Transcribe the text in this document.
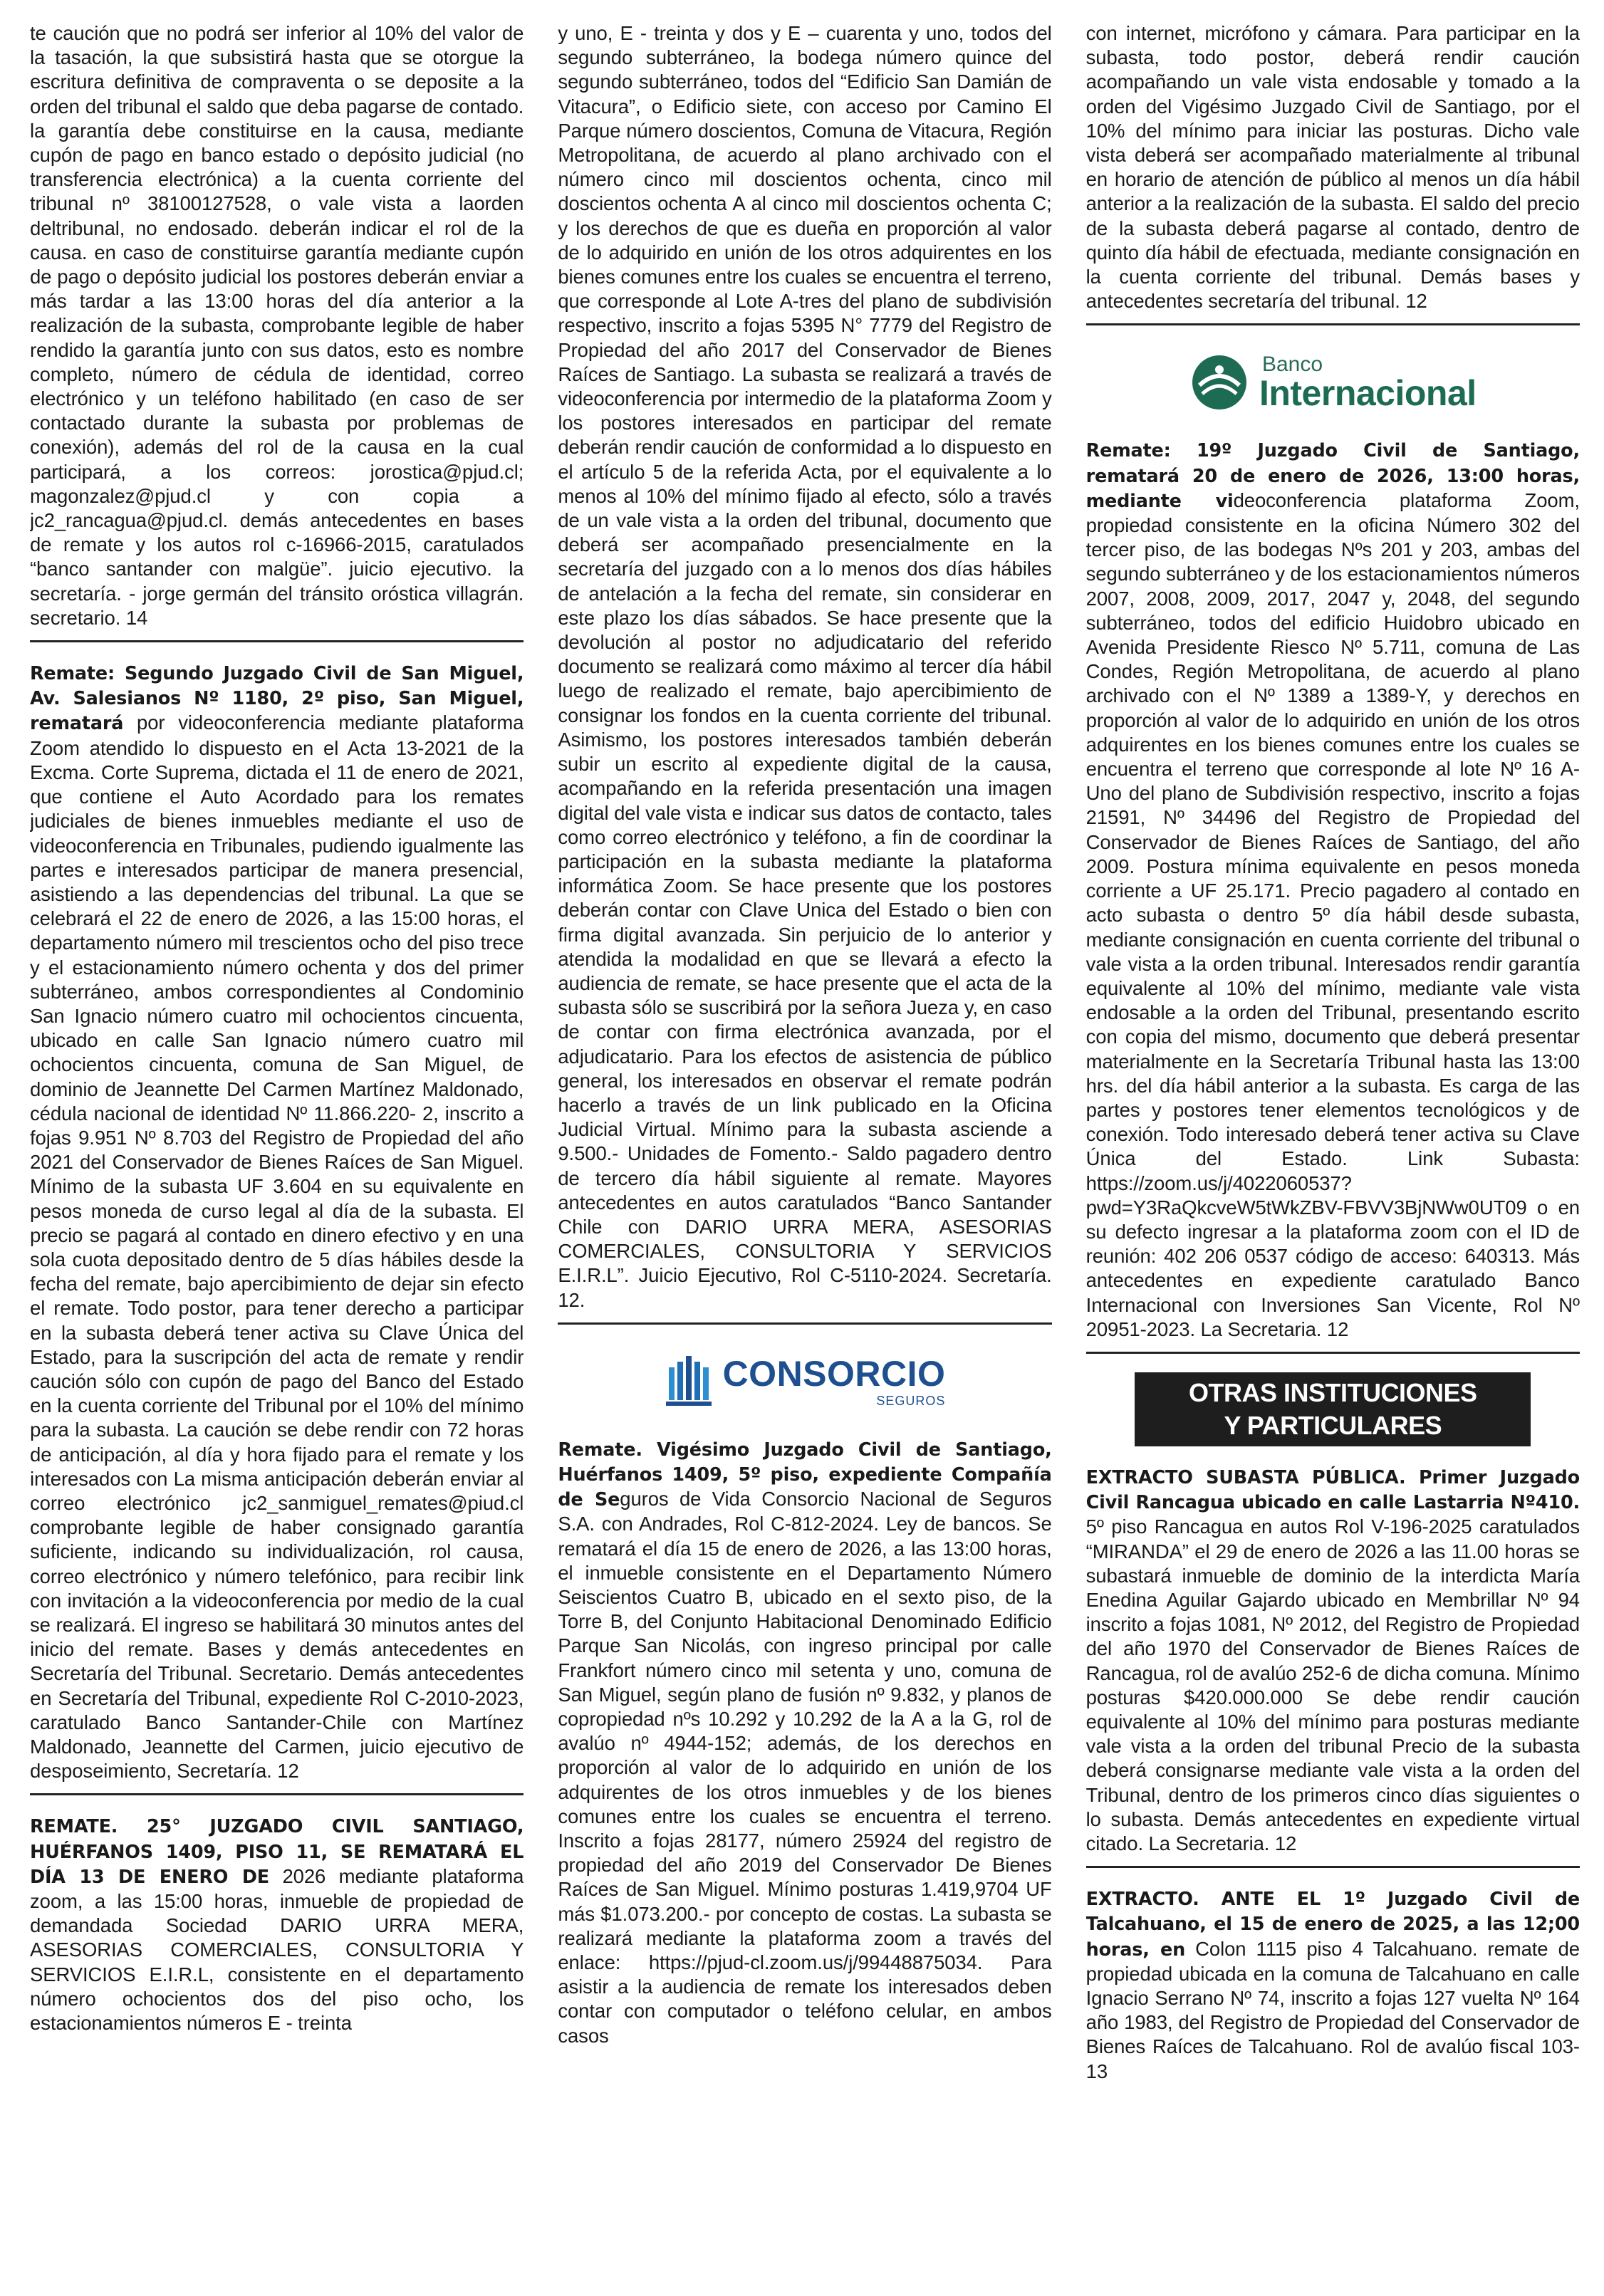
te caución que no podrá ser inferior al 10% del valor de la tasación, la que subsistirá hasta que se otorgue la escritura definitiva de compraventa o se deposite a la orden del tribunal el saldo que deba pagarse de contado. la garantía debe constituirse en la causa, mediante cupón de pago en banco estado o depósito judicial (no transferencia electrónica) a la cuenta corriente del tribunal nº 38100127528, o vale vista a laorden deltribunal, no endosado. deberán indicar el rol de la causa. en caso de constituirse garantía mediante cupón de pago o depósito judicial los postores deberán enviar a más tardar a las 13:00 horas del día anterior a la realización de la subasta, comprobante legible de haber rendido la garantía junto con sus datos, esto es nombre completo, número de cédula de identidad, correo electrónico y un teléfono habilitado (en caso de ser contactado durante la subasta por problemas de conexión), además del rol de la causa en la cual participará, a los correos: jorostica@pjud.cl; magonzalez@pjud.cl y con copia a jc2_rancagua@pjud.cl. demás antecedentes en bases de remate y los autos rol c-16966-2015, caratulados “banco santander con malgüe”. juicio ejecutivo. la secretaría. - jorge germán del tránsito oróstica villagrán. secretario. 14

Remate: Segundo Juzgado Civil de San Miguel, Av. Salesianos Nº 1180, 2º piso, San Miguel, rematará por videoconferencia mediante plataforma Zoom atendido lo dispuesto en el Acta 13-2021 de la Excma. Corte Suprema, dictada el 11 de enero de 2021, que contiene el Auto Acordado para los remates judiciales de bienes inmuebles mediante el uso de videoconferencia en Tribunales, pudiendo igualmente las partes e interesados participar de manera presencial, asistiendo a las dependencias del tribunal. La que se celebrará el 22 de enero de 2026, a las 15:00 horas, el departamento número mil trescientos ocho del piso trece y el estacionamiento número ochenta y dos del primer subterráneo, ambos correspondientes al Condominio San Ignacio número cuatro mil ochocientos cincuenta, ubicado en calle San Ignacio número cuatro mil ochocientos cincuenta, comuna de San Miguel, de dominio de Jeannette Del Carmen Martínez Maldonado, cédula nacional de identidad Nº 11.866.220- 2, inscrito a fojas 9.951 Nº 8.703 del Registro de Propiedad del año 2021 del Conservador de Bienes Raíces de San Miguel. Mínimo de la subasta UF 3.604 en su equivalente en pesos moneda de curso legal al día de la subasta. El precio se pagará al contado en dinero efectivo y en una sola cuota depositado dentro de 5 días hábiles desde la fecha del remate, bajo apercibimiento de dejar sin efecto el remate. Todo postor, para tener derecho a participar en la subasta deberá tener activa su Clave Única del Estado, para la suscripción del acta de remate y rendir caución sólo con cupón de pago del Banco del Estado en la cuenta corriente del Tribunal por el 10% del mínimo para la subasta. La caución se debe rendir con 72 horas de anticipación, al día y hora fijado para el remate y los interesados con La misma anticipación deberán enviar al correo electrónico jc2_sanmiguel_remates@piud.cl comprobante legible de haber consignado garantía suficiente, indicando su individualización, rol causa, correo electrónico y número telefónico, para recibir link con invitación a la videoconferencia por medio de la cual se realizará. El ingreso se habilitará 30 minutos antes del inicio del remate. Bases y demás antecedentes en Secretaría del Tribunal. Secretario. Demás antecedentes en Secretaría del Tribunal, expediente Rol C-2010-2023, caratulado Banco Santander-Chile con Martínez Maldonado, Jeannette del Carmen, juicio ejecutivo de desposeimiento, Secretaría. 12

REMATE. 25° JUZGADO CIVIL SANTIAGO, HUÉRFANOS 1409, PISO 11, SE REMATARÁ EL DÍA 13 DE ENERO DE 2026 mediante plataforma zoom, a las 15:00 horas, inmueble de propiedad de demandada Sociedad DARIO URRA MERA, ASESORIAS COMERCIALES, CONSULTORIA Y SERVICIOS E.I.R.L, consistente en el departamento número ochocientos dos del piso ocho, los estacionamientos números E - treinta

y uno, E - treinta y dos y E – cuarenta y uno, todos del segundo subterráneo, la bodega número quince del segundo subterráneo, todos del “Edificio San Damián de Vitacura”, o Edificio siete, con acceso por Camino El Parque número doscientos, Comuna de Vitacura, Región Metropolitana, de acuerdo al plano archivado con el número cinco mil doscientos ochenta, cinco mil doscientos ochenta A al cinco mil doscientos ochenta C; y los derechos de que es dueña en proporción al valor de lo adquirido en unión de los otros adquirentes en los bienes comunes entre los cuales se encuentra el terreno, que corresponde al Lote A-tres del plano de subdivisión respectivo, inscrito a fojas 5395 N° 7779 del Registro de Propiedad del año 2017 del Conservador de Bienes Raíces de Santiago. La subasta se realizará a través de videoconferencia por intermedio de la plataforma Zoom y los postores interesados en participar del remate deberán rendir caución de conformidad a lo dispuesto en el artículo 5 de la referida Acta, por el equivalente a lo menos al 10% del mínimo fijado al efecto, sólo a través de un vale vista a la orden del tribunal, documento que deberá ser acompañado presencialmente en la secretaría del juzgado con a lo menos dos días hábiles de antelación a la fecha del remate, sin considerar en este plazo los días sábados. Se hace presente que la devolución al postor no adjudicatario del referido documento se realizará como máximo al tercer día hábil luego de realizado el remate, bajo apercibimiento de consignar los fondos en la cuenta corriente del tribunal. Asimismo, los postores interesados también deberán subir un escrito al expediente digital de la causa, acompañando en la referida presentación una imagen digital del vale vista e indicar sus datos de contacto, tales como correo electrónico y teléfono, a fin de coordinar la participación en la subasta mediante la plataforma informática Zoom. Se hace presente que los postores deberán contar con Clave Unica del Estado o bien con firma digital avanzada. Sin perjuicio de lo anterior y atendida la modalidad en que se llevará a efecto la audiencia de remate, se hace presente que el acta de la subasta sólo se suscribirá por la señora Jueza y, en caso de contar con firma electrónica avanzada, por el adjudicatario. Para los efectos de asistencia de público general, los interesados en observar el remate podrán hacerlo a través de un link publicado en la Oficina Judicial Virtual. Mínimo para la subasta asciende a 9.500.- Unidades de Fomento.- Saldo pagadero dentro de tercero día hábil siguiente al remate. Mayores antecedentes en autos caratulados “Banco Santander Chile con DARIO URRA MERA, ASESORIAS COMERCIALES, CONSULTORIA Y SERVICIOS E.I.R.L”. Juicio Ejecutivo, Rol C-5110-2024. Secretaría. 12.

CONSORCIO
SEGUROS

Remate. Vigésimo Juzgado Civil de Santiago, Huérfanos 1409, 5º piso, expediente Compañía de Seguros de Vida Consorcio Nacional de Seguros S.A. con Andrades, Rol C-812-2024. Ley de bancos. Se rematará el día 15 de enero de 2026, a las 13:00 horas, el inmueble consistente en el Departamento Número Seiscientos Cuatro B, ubicado en el sexto piso, de la Torre B, del Conjunto Habitacional Denominado Edificio Parque San Nicolás, con ingreso principal por calle Frankfort número cinco mil setenta y uno, comuna de San Miguel, según plano de fusión nº 9.832, y planos de copropiedad nºs 10.292 y 10.292 de la A a la G, rol de avalúo nº 4944-152; además, de los derechos en proporción al valor de lo adquirido en unión de los adquirentes de los otros inmuebles y de los bienes comunes entre los cuales se encuentra el terreno. Inscrito a fojas 28177, número 25924 del registro de propiedad del año 2019 del Conservador De Bienes Raíces de San Miguel. Mínimo posturas 1.419,9704 UF más $1.073.200.- por concepto de costas. La subasta se realizará mediante la plataforma zoom a través del enlace: https://pjud-cl.zoom.us/j/99448875034. Para asistir a la audiencia de remate los interesados deben contar con computador o teléfono celular, en ambos casos

con internet, micrófono y cámara. Para participar en la subasta, todo postor, deberá rendir caución acompañando un vale vista endosable y tomado a la orden del Vigésimo Juzgado Civil de Santiago, por el 10% del mínimo para iniciar las posturas. Dicho vale vista deberá ser acompañado materialmente al tribunal en horario de atención de público al menos un día hábil anterior a la realización de la subasta. El saldo del precio de la subasta deberá pagarse al contado, dentro de quinto día hábil de efectuada, mediante consignación en la cuenta corriente del tribunal. Demás bases y antecedentes secretaría del tribunal. 12

Banco
Internacional

Remate: 19º Juzgado Civil de Santiago, rematará 20 de enero de 2026, 13:00 horas, mediante videoconferencia plataforma Zoom, propiedad consistente en la oficina Número 302 del tercer piso, de las bodegas Nºs 201 y 203, ambas del segundo subterráneo y de los estacionamientos números 2007, 2008, 2009, 2017, 2047 y, 2048, del segundo subterráneo, todos del edificio Huidobro ubicado en Avenida Presidente Riesco Nº 5.711, comuna de Las Condes, Región Metropolitana, de acuerdo al plano archivado con el Nº 1389 a 1389-Y, y derechos en proporción al valor de lo adquirido en unión de los otros adquirentes en los bienes comunes entre los cuales se encuentra el terreno que corresponde al lote Nº 16 A- Uno del plano de Subdivisión respectivo, inscrito a fojas 21591, Nº 34496 del Registro de Propiedad del Conservador de Bienes Raíces de Santiago, del año 2009. Postura mínima equivalente en pesos moneda corriente a UF 25.171. Precio pagadero al contado en acto subasta o dentro 5º día hábil desde subasta, mediante consignación en cuenta corriente del tribunal o vale vista a la orden tribunal. Interesados rendir garantía equivalente al 10% del mínimo, mediante vale vista endosable a la orden del Tribunal, presentando escrito con copia del mismo, documento que deberá presentar materialmente en la Secretaría Tribunal hasta las 13:00 hrs. del día hábil anterior a la subasta. Es carga de las partes y postores tener elementos tecnológicos y de conexión. Todo interesado deberá tener activa su Clave Única del Estado. Link Subasta: https://zoom.us/j/4022060537?pwd=Y3RaQkcveW5tWkZBV-FBVV3BjNWw0UT09 o en su defecto ingresar a la plataforma zoom con el ID de reunión: 402 206 0537 código de acceso: 640313. Más antecedentes en expediente caratulado Banco Internacional con Inversiones San Vicente, Rol Nº 20951-2023. La Secretaria. 12

OTRAS INSTITUCIONES
Y PARTICULARES

EXTRACTO SUBASTA PÚBLICA. Primer Juzgado Civil Rancagua ubicado en calle Lastarria Nº410. 5º piso Rancagua en autos Rol V-196-2025 caratulados “MIRANDA” el 29 de enero de 2026 a las 11.00 horas se subastará inmueble de dominio de la interdicta María Enedina Aguilar Gajardo ubicado en Membrillar Nº 94 inscrito a fojas 1081, Nº 2012, del Registro de Propiedad del año 1970 del Conservador de Bienes Raíces de Rancagua, rol de avalúo 252-6 de dicha comuna. Mínimo posturas $420.000.000 Se debe rendir caución equivalente al 10% del mínimo para posturas mediante vale vista a la orden del tribunal Precio de la subasta deberá consignarse mediante vale vista a la orden del Tribunal, dentro de los primeros cinco días siguientes o lo subasta. Demás antecedentes en expediente virtual citado. La Secretaria. 12

EXTRACTO. ANTE EL 1º Juzgado Civil de Talcahuano, el 15 de enero de 2025, a las 12;00 horas, en Colon 1115 piso 4 Talcahuano. remate de propiedad ubicada en la comuna de Talcahuano en calle Ignacio Serrano Nº 74, inscrito a fojas 127 vuelta Nº 164 año 1983, del Registro de Propiedad del Conservador de Bienes Raíces de Talcahuano. Rol de avalúo fiscal 103-13
